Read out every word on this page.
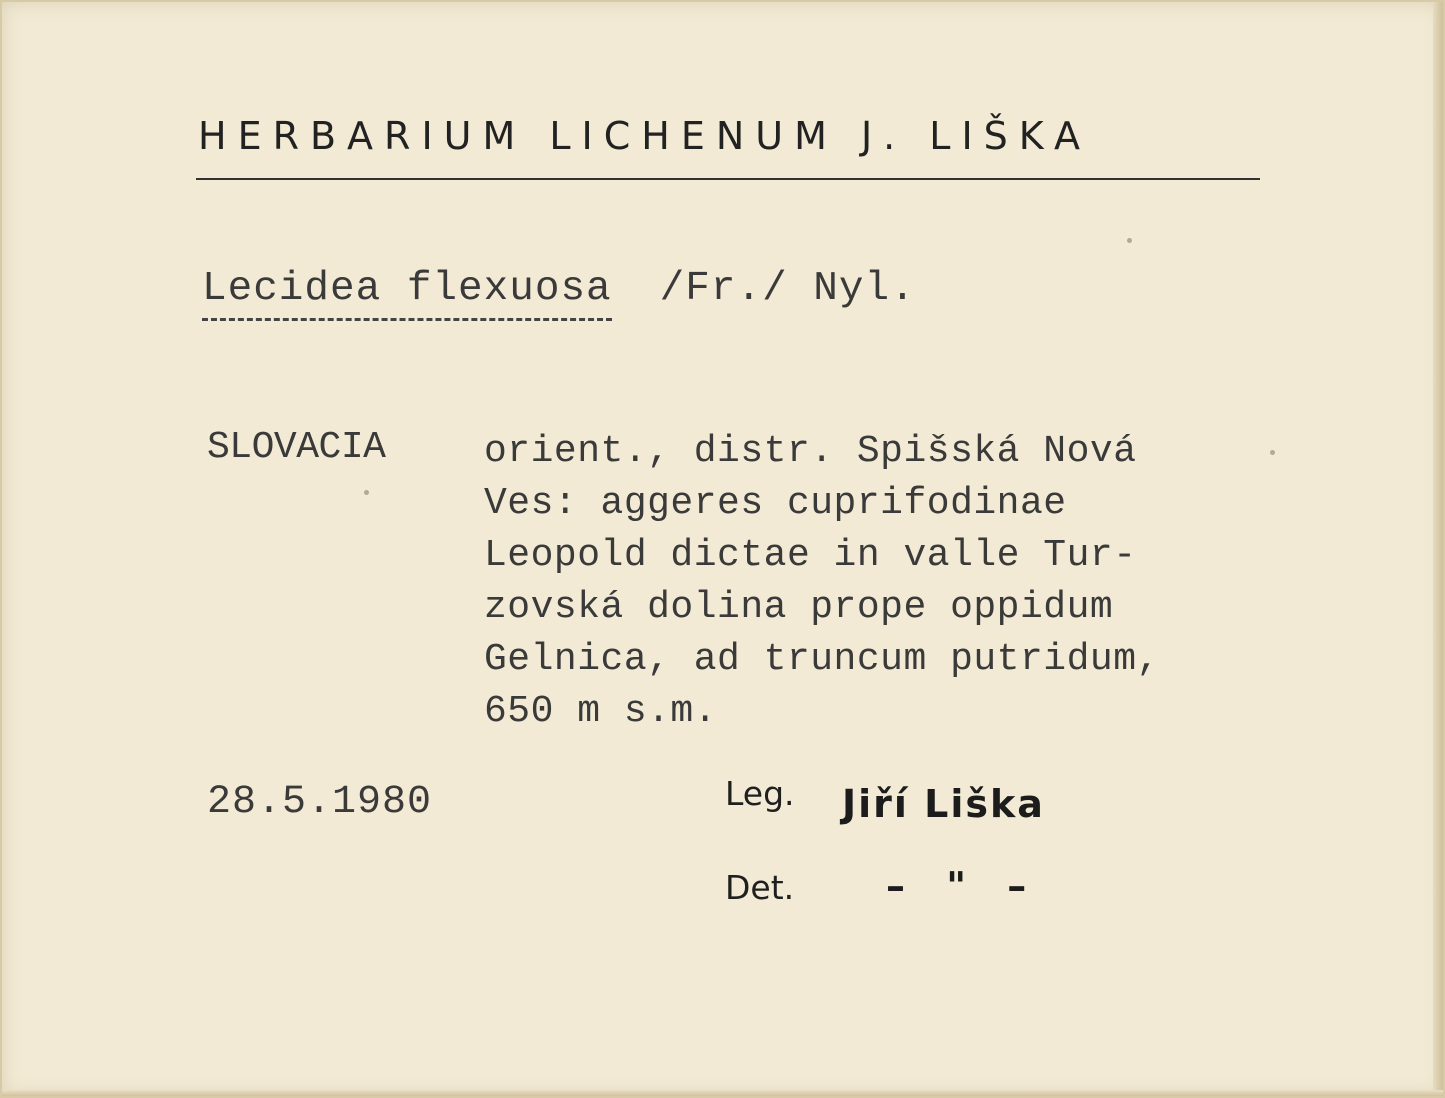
HERBARIUM LICHENUM J. LIŠKA
Lecidea flexuosa /Fr./ Nyl.
SLOVACIA	orient., distr. Spišská Nová
Ves: aggeres cuprifodinae
Leopold dictae in valle Tur-
zovská dolina prope oppidum
Gelnica, ad truncum putridum,
650 m s.m.
28.5.1980	Leg. Jiří Liška
Det. – " –
